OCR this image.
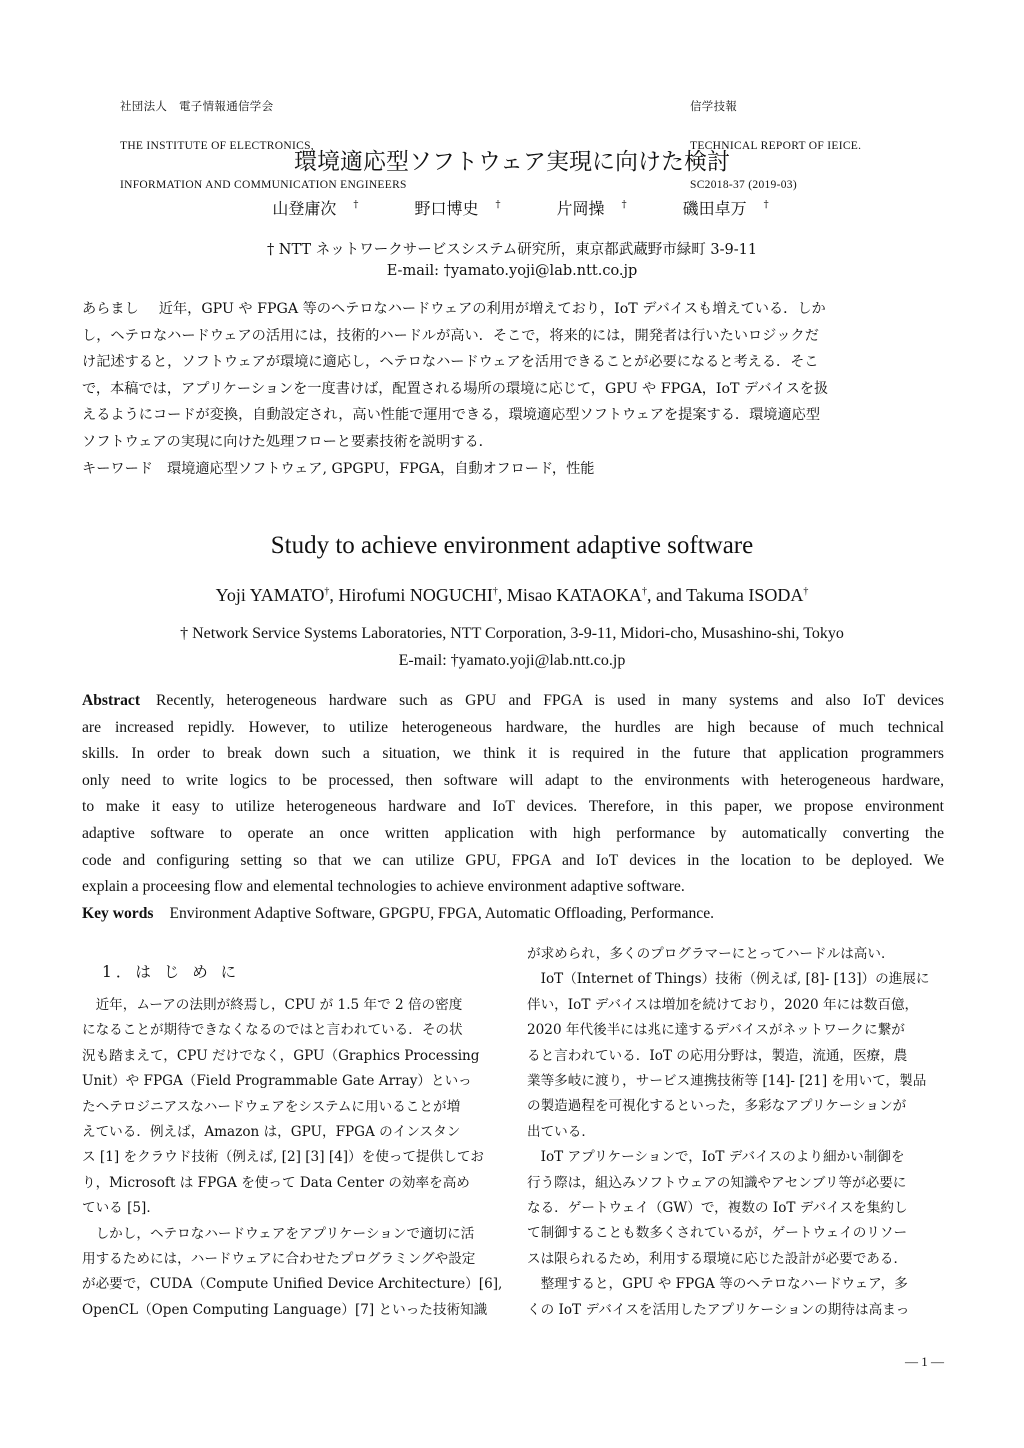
社団法人　電子情報通信学会

THE INSTITUTE OF ELECTRONICS,

INFORMATION AND COMMUNICATION ENGINEERS

信学技報

TECHNICAL REPORT OF IEICE.

SC2018-37 (2019-03)

環境適応型ソフトウェア実現に向けた検討
山登庸次 †	野口博史 †	片岡操 †	磯田卓万 †
† NTT ネットワークサービスシステム研究所，東京都武蔵野市緑町 3-9-11
E-mail: †yamato.yoji@lab.ntt.co.jp
あらまし 近年，GPU や FPGA 等のヘテロなハードウェアの利用が増えており，IoT デバイスも増えている．しか
し，ヘテロなハードウェアの活用には，技術的ハードルが高い．そこで，将来的には，開発者は行いたいロジックだ
け記述すると，ソフトウェアが環境に適応し，ヘテロなハードウェアを活用できることが必要になると考える．そこ
で，本稿では，アプリケーションを一度書けば，配置される場所の環境に応じて，GPU や FPGA，IoT デバイスを扱
えるようにコードが変換，自動設定され，高い性能で運用できる，環境適応型ソフトウェアを提案する．環境適応型
ソフトウェアの実現に向けた処理フローと要素技術を説明する．
キーワード 環境適応型ソフトウェア, GPGPU，FPGA，自動オフロード，性能
Study to achieve environment adaptive software
Yoji YAMATO†, Hirofumi NOGUCHI†, Misao KATAOKA†, and Takuma ISODA†
† Network Service Systems Laboratories, NTT Corporation, 3-9-11, Midori-cho, Musashino-shi, Tokyo
E-mail: †yamato.yoji@lab.ntt.co.jp
Abstract Recently, heterogeneous hardware such as GPU and FPGA is used in many systems and also IoT devices
are increased repidly. However, to utilize heterogeneous hardware, the hurdles are high because of much technical
skills. In order to break down such a situation, we think it is required in the future that application programmers
only need to write logics to be processed, then software will adapt to the environments with heterogeneous hardware,
to make it easy to utilize heterogeneous hardware and IoT devices. Therefore, in this paper, we propose environment
adaptive software to operate an once written application with high performance by automatically converting the
code and configuring setting so that we can utilize GPU, FPGA and IoT devices in the location to be deployed. We
explain a proceesing flow and elemental technologies to achieve environment adaptive software.
Key words Environment Adaptive Software, GPGPU, FPGA, Automatic Offloading, Performance.
1．は じ め に
　近年，ムーアの法則が終焉し，CPU が 1.5 年で 2 倍の密度
になることが期待できなくなるのではと言われている．その状
況も踏まえて，CPU だけでなく，GPU（Graphics Processing
Unit）や FPGA（Field Programmable Gate Array）といっ
たヘテロジニアスなハードウェアをシステムに用いることが増
えている．例えば，Amazon は，GPU，FPGA のインスタン
ス [1] をクラウド技術（例えば, [2] [3] [4]）を使って提供してお
り，Microsoft は FPGA を使って Data Center の効率を高め
ている [5]．
　しかし，ヘテロなハードウェアをアプリケーションで適切に活
用するためには，ハードウェアに合わせたプログラミングや設定
が必要で，CUDA（Compute Unified Device Architecture）[6],
OpenCL（Open Computing Language）[7] といった技術知識
が求められ，多くのプログラマーにとってハードルは高い．
　IoT（Internet of Things）技術（例えば, [8]- [13]）の進展に
伴い，IoT デバイスは増加を続けており，2020 年には数百億，
2020 年代後半には兆に達するデバイスがネットワークに繋が
ると言われている．IoT の応用分野は，製造，流通，医療，農
業等多岐に渡り，サービス連携技術等 [14]- [21] を用いて，製品
の製造過程を可視化するといった，多彩なアプリケーションが
出ている．
　IoT アプリケーションで，IoT デバイスのより細かい制御を
行う際は，組込みソフトウェアの知識やアセンブリ等が必要に
なる．ゲートウェイ（GW）で，複数の IoT デバイスを集約し
て制御することも数多くされているが，ゲートウェイのリソー
スは限られるため，利用する環境に応じた設計が必要である．
　整理すると，GPU や FPGA 等のヘテロなハードウェア，多
くの IoT デバイスを活用したアプリケーションの期待は高まっ
— 1 —
